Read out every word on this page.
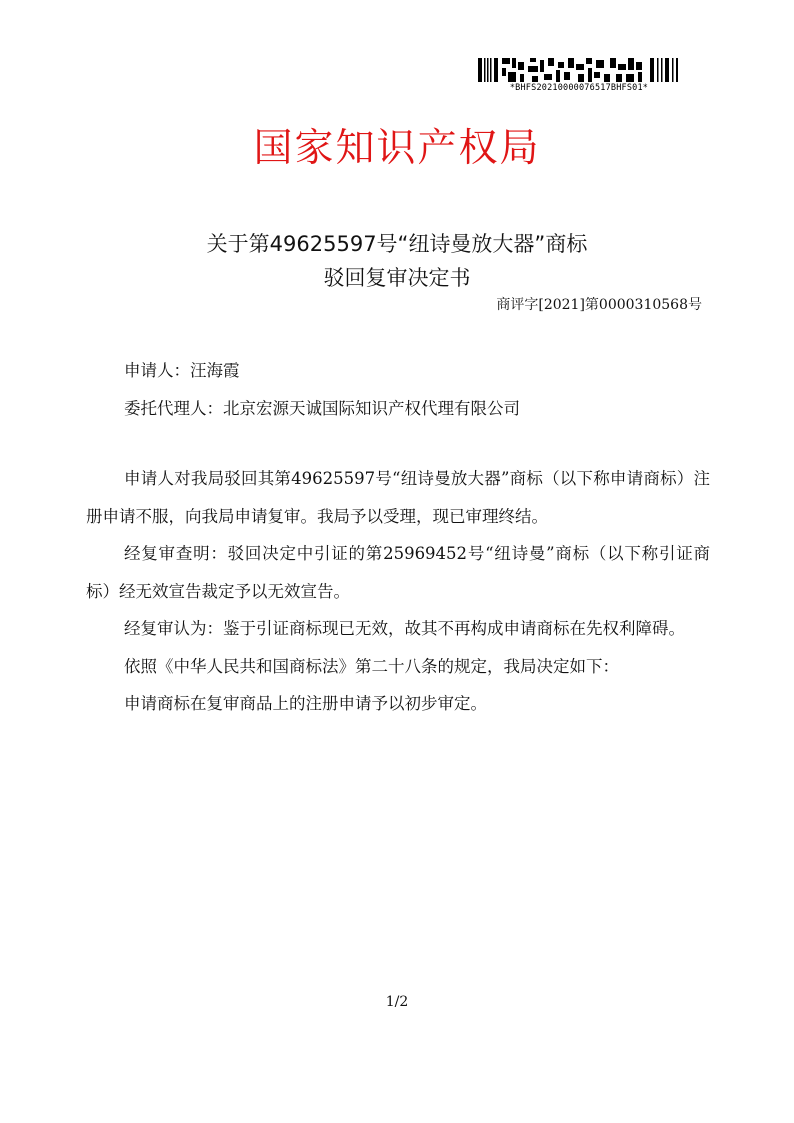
*BHFS20210000076517BHFS01*
国家知识产权局
关于第49625597号“纽诗曼放大器”商标
驳回复审决定书

商评字[2021]第0000310568号

申请人：汪海霞

委托代理人：北京宏源天诚国际知识产权代理有限公司

申请人对我局驳回其第49625597号“纽诗曼放大器”商标（以下称申请商标）注册申请不服，向我局申请复审。我局予以受理，现已审理终结。

经复审查明：驳回决定中引证的第25969452号“纽诗曼”商标（以下称引证商标）经无效宣告裁定予以无效宣告。

经复审认为：鉴于引证商标现已无效，故其不再构成申请商标在先权利障碍。

依照《中华人民共和国商标法》第二十八条的规定，我局决定如下：

申请商标在复审商品上的注册申请予以初步审定。

1/2
